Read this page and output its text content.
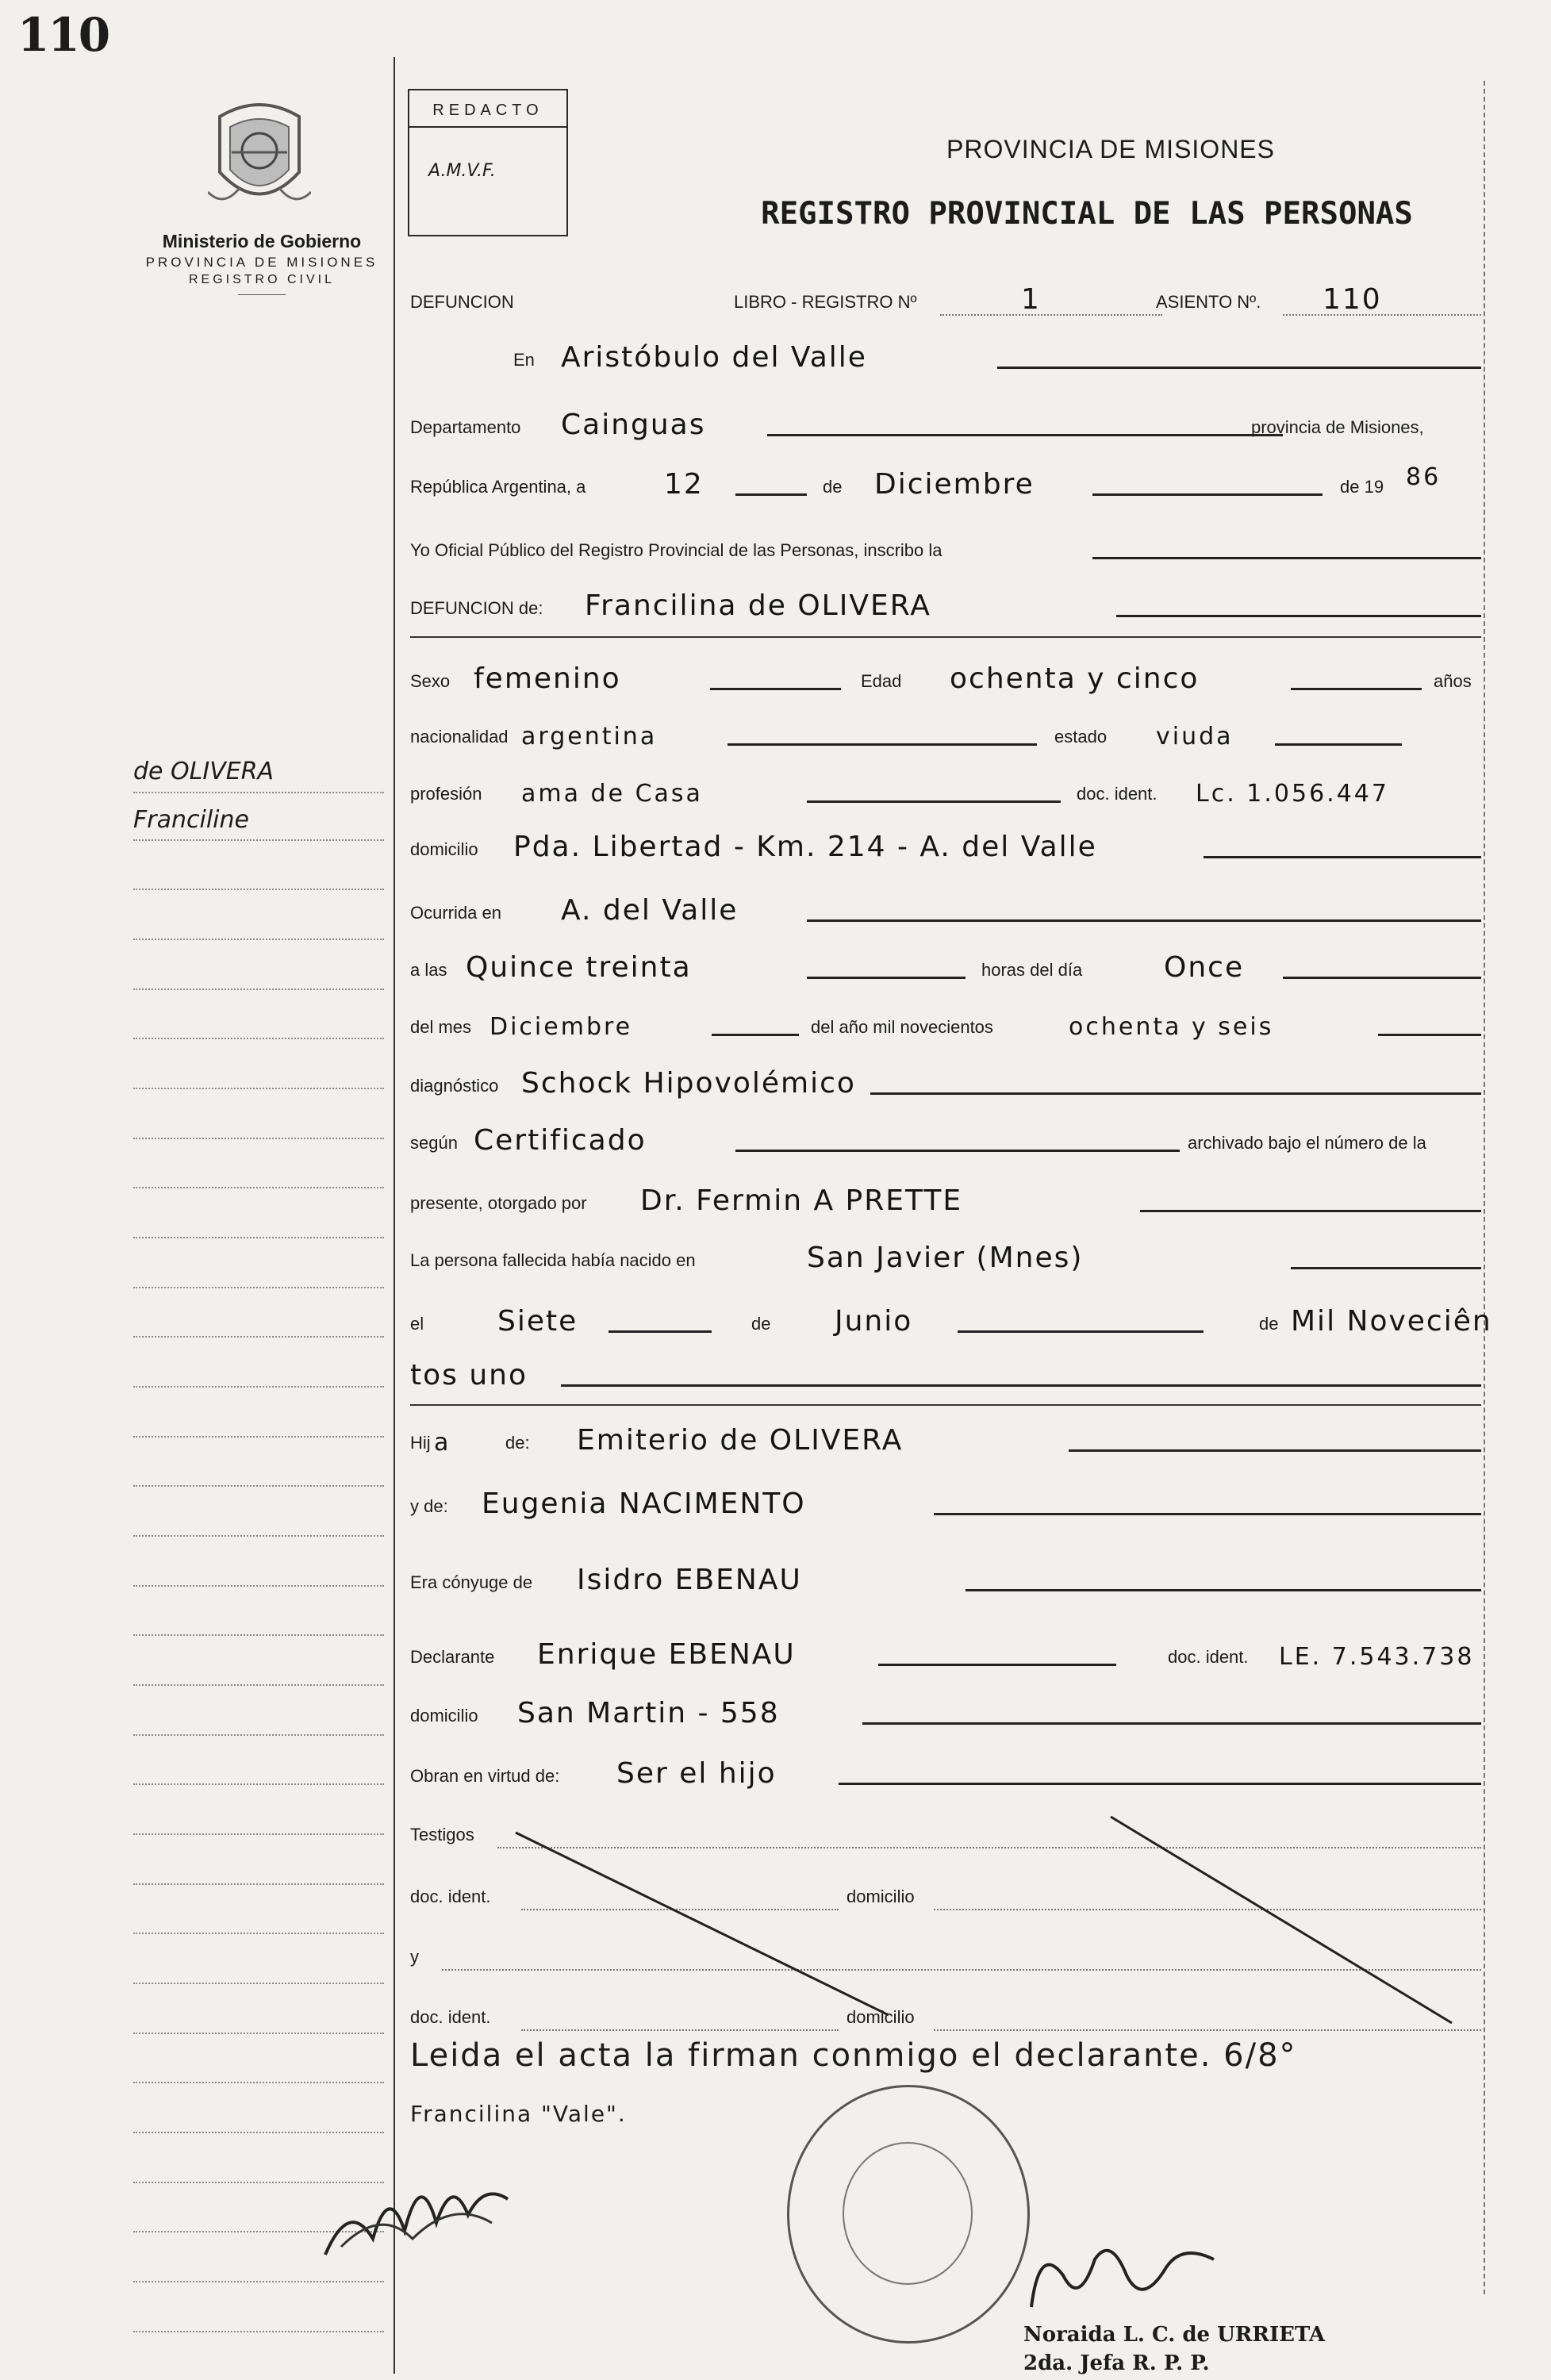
110
Ministerio de Gobierno
PROVINCIA DE MISIONES
REGISTRO CIVIL
de OLIVERA
Franciline
REDACTO
A.M.V.F.
PROVINCIA DE MISIONES
REGISTRO PROVINCIAL DE LAS PERSONAS
DEFUNCION	LIBRO - REGISTRO Nº	1	ASIENTO Nº. 110
En Aristóbulo del Valle
Departamento Cainguas	provincia de Misiones,
República Argentina, a	12	de Diciembre	de 19 86
Yo Oficial Público del Registro Provincial de las Personas, inscribo la
DEFUNCION de: Francilina de OLIVERA
Sexo femenino	Edad ochenta y cinco	años
nacionalidad argentina	estado viuda
profesión ama de Casa	doc. ident. Lc. 1.056.447
domicilio Pda. Libertad - Km. 214 - A. del Valle
Ocurrida en A. del Valle
a las Quince treinta	horas del día	Once
del mes Diciembre	del año mil novecientos	ochenta y seis
diagnóstico Schock Hipovolémico
según Certificado	archivado bajo el número de la
presente, otorgado por Dr. Fermin A PRETTE
La persona fallecida había nacido en	San Javier (Mnes)
el	Siete	de Junio	de Mil Noveciên
tos uno
Hij a	de: Emiterio de OLIVERA
y de: Eugenia NACIMENTO
Era cónyuge de Isidro EBENAU
Declarante Enrique EBENAU	doc. ident. LE. 7.543.738
domicilio San Martin - 558
Obran en virtud de: Ser el hijo
Testigos
doc. ident.	domicilio
y
doc. ident.	domicilio
Leida el acta la firman conmigo el declarante. 6/8°
Francilina "Vale".
Noraida L. C. de URRIETA
2da. Jefa R. P. P.
